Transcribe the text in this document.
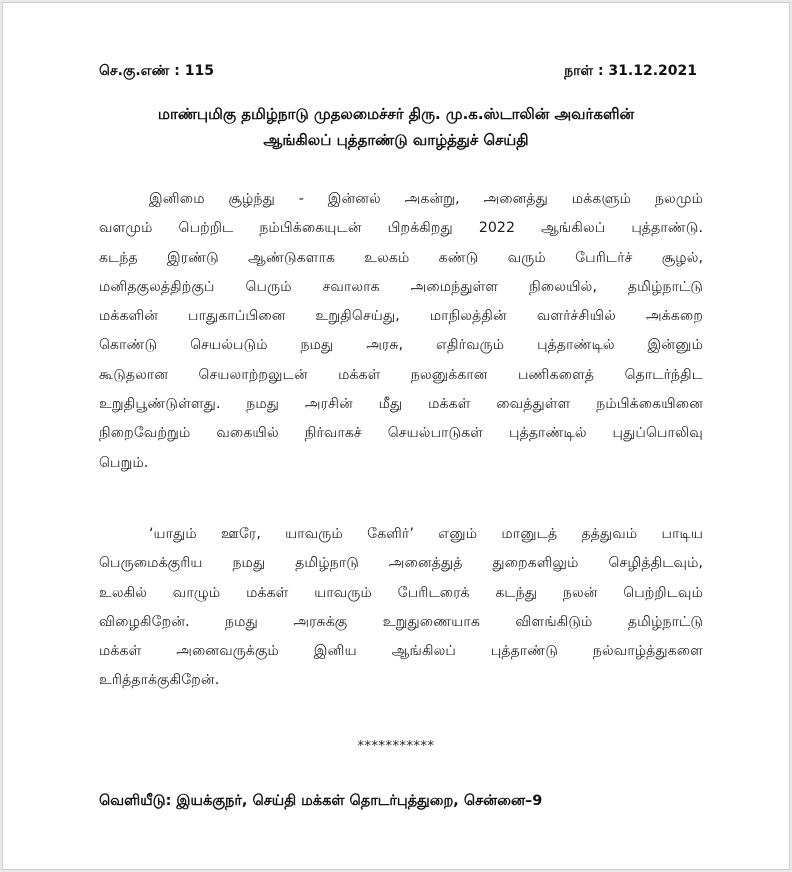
செ.கு.எண் : 115	நாள் : 31.12.2021
மாண்புமிகு தமிழ்நாடு முதலமைச்சர் திரு. மு.க.ஸ்டாலின் அவர்களின்
ஆங்கிலப் புத்தாண்டு வாழ்த்துச் செய்தி
இனிமை சூழ்ந்து - இன்னல் அகன்று, அனைத்து மக்களும் நலமும்
வளமும் பெற்றிட நம்பிக்கையுடன் பிறக்கிறது 2022 ஆங்கிலப் புத்தாண்டு.
கடந்த இரண்டு ஆண்டுகளாக உலகம் கண்டு வரும் பேரிடர்ச் சூழல்,
மனிதகுலத்திற்குப் பெரும் சவாலாக அமைந்துள்ள நிலையில், தமிழ்நாட்டு
மக்களின் பாதுகாப்பினை உறுதிசெய்து, மாநிலத்தின் வளர்ச்சியில் அக்கறை
கொண்டு செயல்படும் நமது அரசு, எதிர்வரும் புத்தாண்டில் இன்னும்
கூடுதலான செயலாற்றலுடன் மக்கள் நலனுக்கான பணிகளைத் தொடர்ந்திட
உறுதிபூண்டுள்ளது. நமது அரசின் மீது மக்கள் வைத்துள்ள நம்பிக்கையினை
நிறைவேற்றும் வகையில் நிர்வாகச் செயல்பாடுகள் புத்தாண்டில் புதுப்பொலிவு
பெறும்.
‘யாதும் ஊரே, யாவரும் கேளிர்’ எனும் மானுடத் தத்துவம் பாடிய
பெருமைக்குரிய நமது தமிழ்நாடு அனைத்துத் துறைகளிலும் செழித்திடவும்,
உலகில் வாழும் மக்கள் யாவரும் பேரிடரைக் கடந்து நலன் பெற்றிடவும்
விழைகிறேன். நமது அரசுக்கு உறுதுணையாக விளங்கிடும் தமிழ்நாட்டு
மக்கள் அனைவருக்கும் இனிய ஆங்கிலப் புத்தாண்டு நல்வாழ்த்துகளை
உரித்தாக்குகிறேன்.
***********
வெளியீடு: இயக்குநர், செய்தி மக்கள் தொடர்புத்துறை, சென்னை–9
